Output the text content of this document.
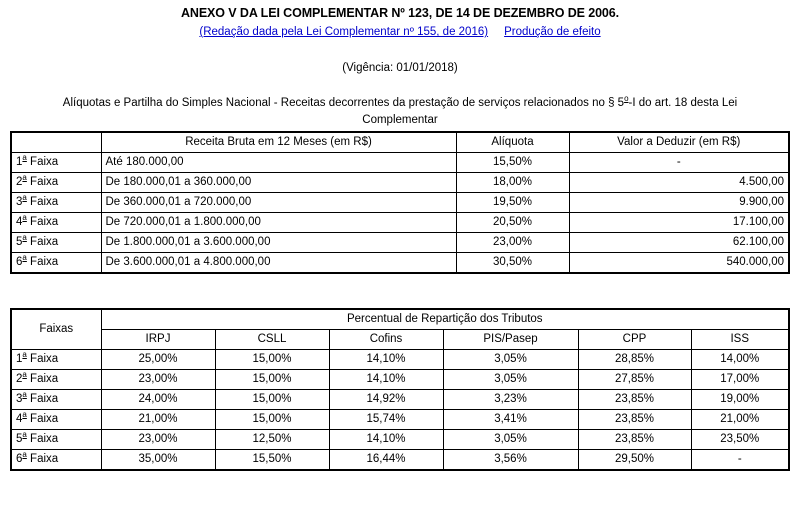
ANEXO V DA LEI COMPLEMENTAR Nº 123, DE 14 DE DEZEMBRO DE 2006.
(Redação dada pela Lei Complementar nº 155, de 2016) Produção de efeito
(Vigência: 01/01/2018)
Alíquotas e Partilha do Simples Nacional - Receitas decorrentes da prestação de serviços relacionados no § 5$^o$-I do art. 18 desta Lei Complementar
	Receita Bruta em 12 Meses (em R$)	Alíquota	Valor a Deduzir (em R$)
1$^a$ Faixa	Até 180.000,00	15,50%	-
2$^a$ Faixa	De 180.000,01 a 360.000,00	18,00%	4.500,00
3$^a$ Faixa	De 360.000,01 a 720.000,00	19,50%	9.900,00
4$^a$ Faixa	De 720.000,01 a 1.800.000,00	20,50%	17.100,00
5$^a$ Faixa	De 1.800.000,01 a 3.600.000,00	23,00%	62.100,00
6$^a$ Faixa	De 3.600.000,01 a 4.800.000,00	30,50%	540.000,00
Faixas	Percentual de Repartição dos Tributos					
	IRPJ	CSLL	Cofins	PIS/Pasep	CPP	ISS
1$^a$ Faixa	25,00%	15,00%	14,10%	3,05%	28,85%	14,00%
2$^a$ Faixa	23,00%	15,00%	14,10%	3,05%	27,85%	17,00%
3$^a$ Faixa	24,00%	15,00%	14,92%	3,23%	23,85%	19,00%
4$^a$ Faixa	21,00%	15,00%	15,74%	3,41%	23,85%	21,00%
5$^a$ Faixa	23,00%	12,50%	14,10%	3,05%	23,85%	23,50%
6$^a$ Faixa	35,00%	15,50%	16,44%	3,56%	29,50%	-
